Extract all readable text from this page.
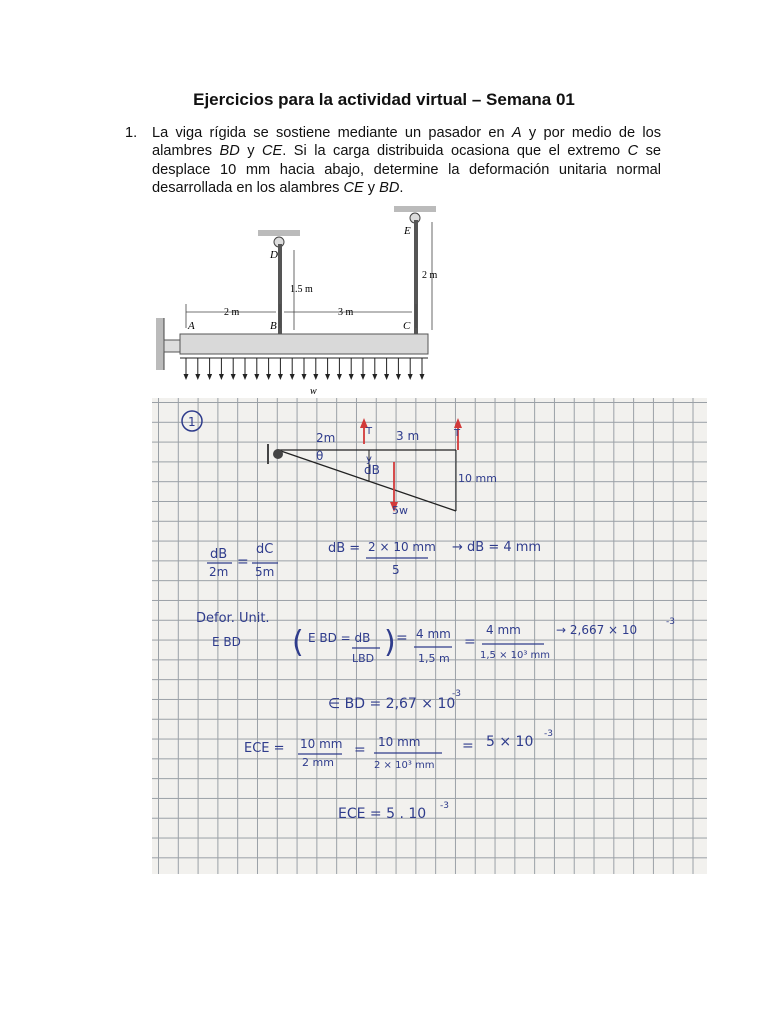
Ejercicios para la actividad virtual – Semana 01
1. La viga rígida se sostiene mediante un pasador en A y por medio de los
alambres BD y CE. Si la carga distribuida ocasiona que el extremo C se
desplace 10 mm hacia abajo, determine la deformación unitaria normal
desarrollada en los alambres CE y BD.
D
E
A	B	C
2 m	3 m
1.5 m
2 m
w
1
2m	3 m
T	T
θ	y
dB
10 mm
5w
dB
2m
=
dC
5m
dB = 2 × 10 mm
5
→ dB = 4 mm
Defor. Unit.
E BD ( E BD = dB
LBD ) = 4 mm
1,5 m
=
4 mm
1,5 × 10³ mm
→ 2,667 × 10
-3
∈ BD = 2,67 × 10
-3
ECE = 10 mm
2 mm
= 10 mm
2 × 10³ mm
= 5 × 10 -3
ECE = 5 . 10 -3
